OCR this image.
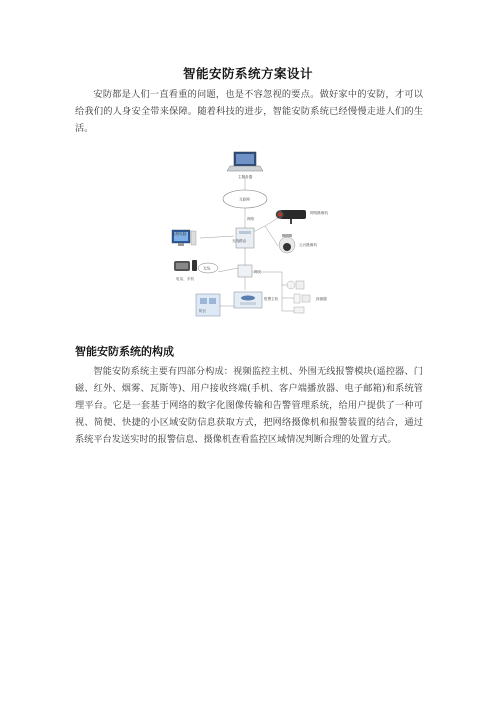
智能安防系统方案设计

安防都是人们一直看重的问题，也是不容忽视的要点。做好家中的安防，才可以给我们的人身安全带来保障。随着科技的进步，智能安防系统已经慢慢走进人们的生活。

主服务器
互联网
无线路由
远程电脑
电话、手机
无线
网关
网络摄像机
云台摄像机
探测器
报警主机
防区
网络
智能安防系统的构成

智能安防系统主要有四部分构成：视频监控主机、外围无线报警模块(遥控器、门磁、红外、烟雾、瓦斯等)、用户接收终端(手机、客户端播放器、电子邮箱)和系统管理平台。它是一套基于网络的数字化图像传输和告警管理系统，给用户提供了一种可视、简便、快捷的小区域安防信息获取方式，把网络摄像机和报警装置的结合，通过系统平台发送实时的报警信息、摄像机查看监控区域情况判断合理的处置方式。
